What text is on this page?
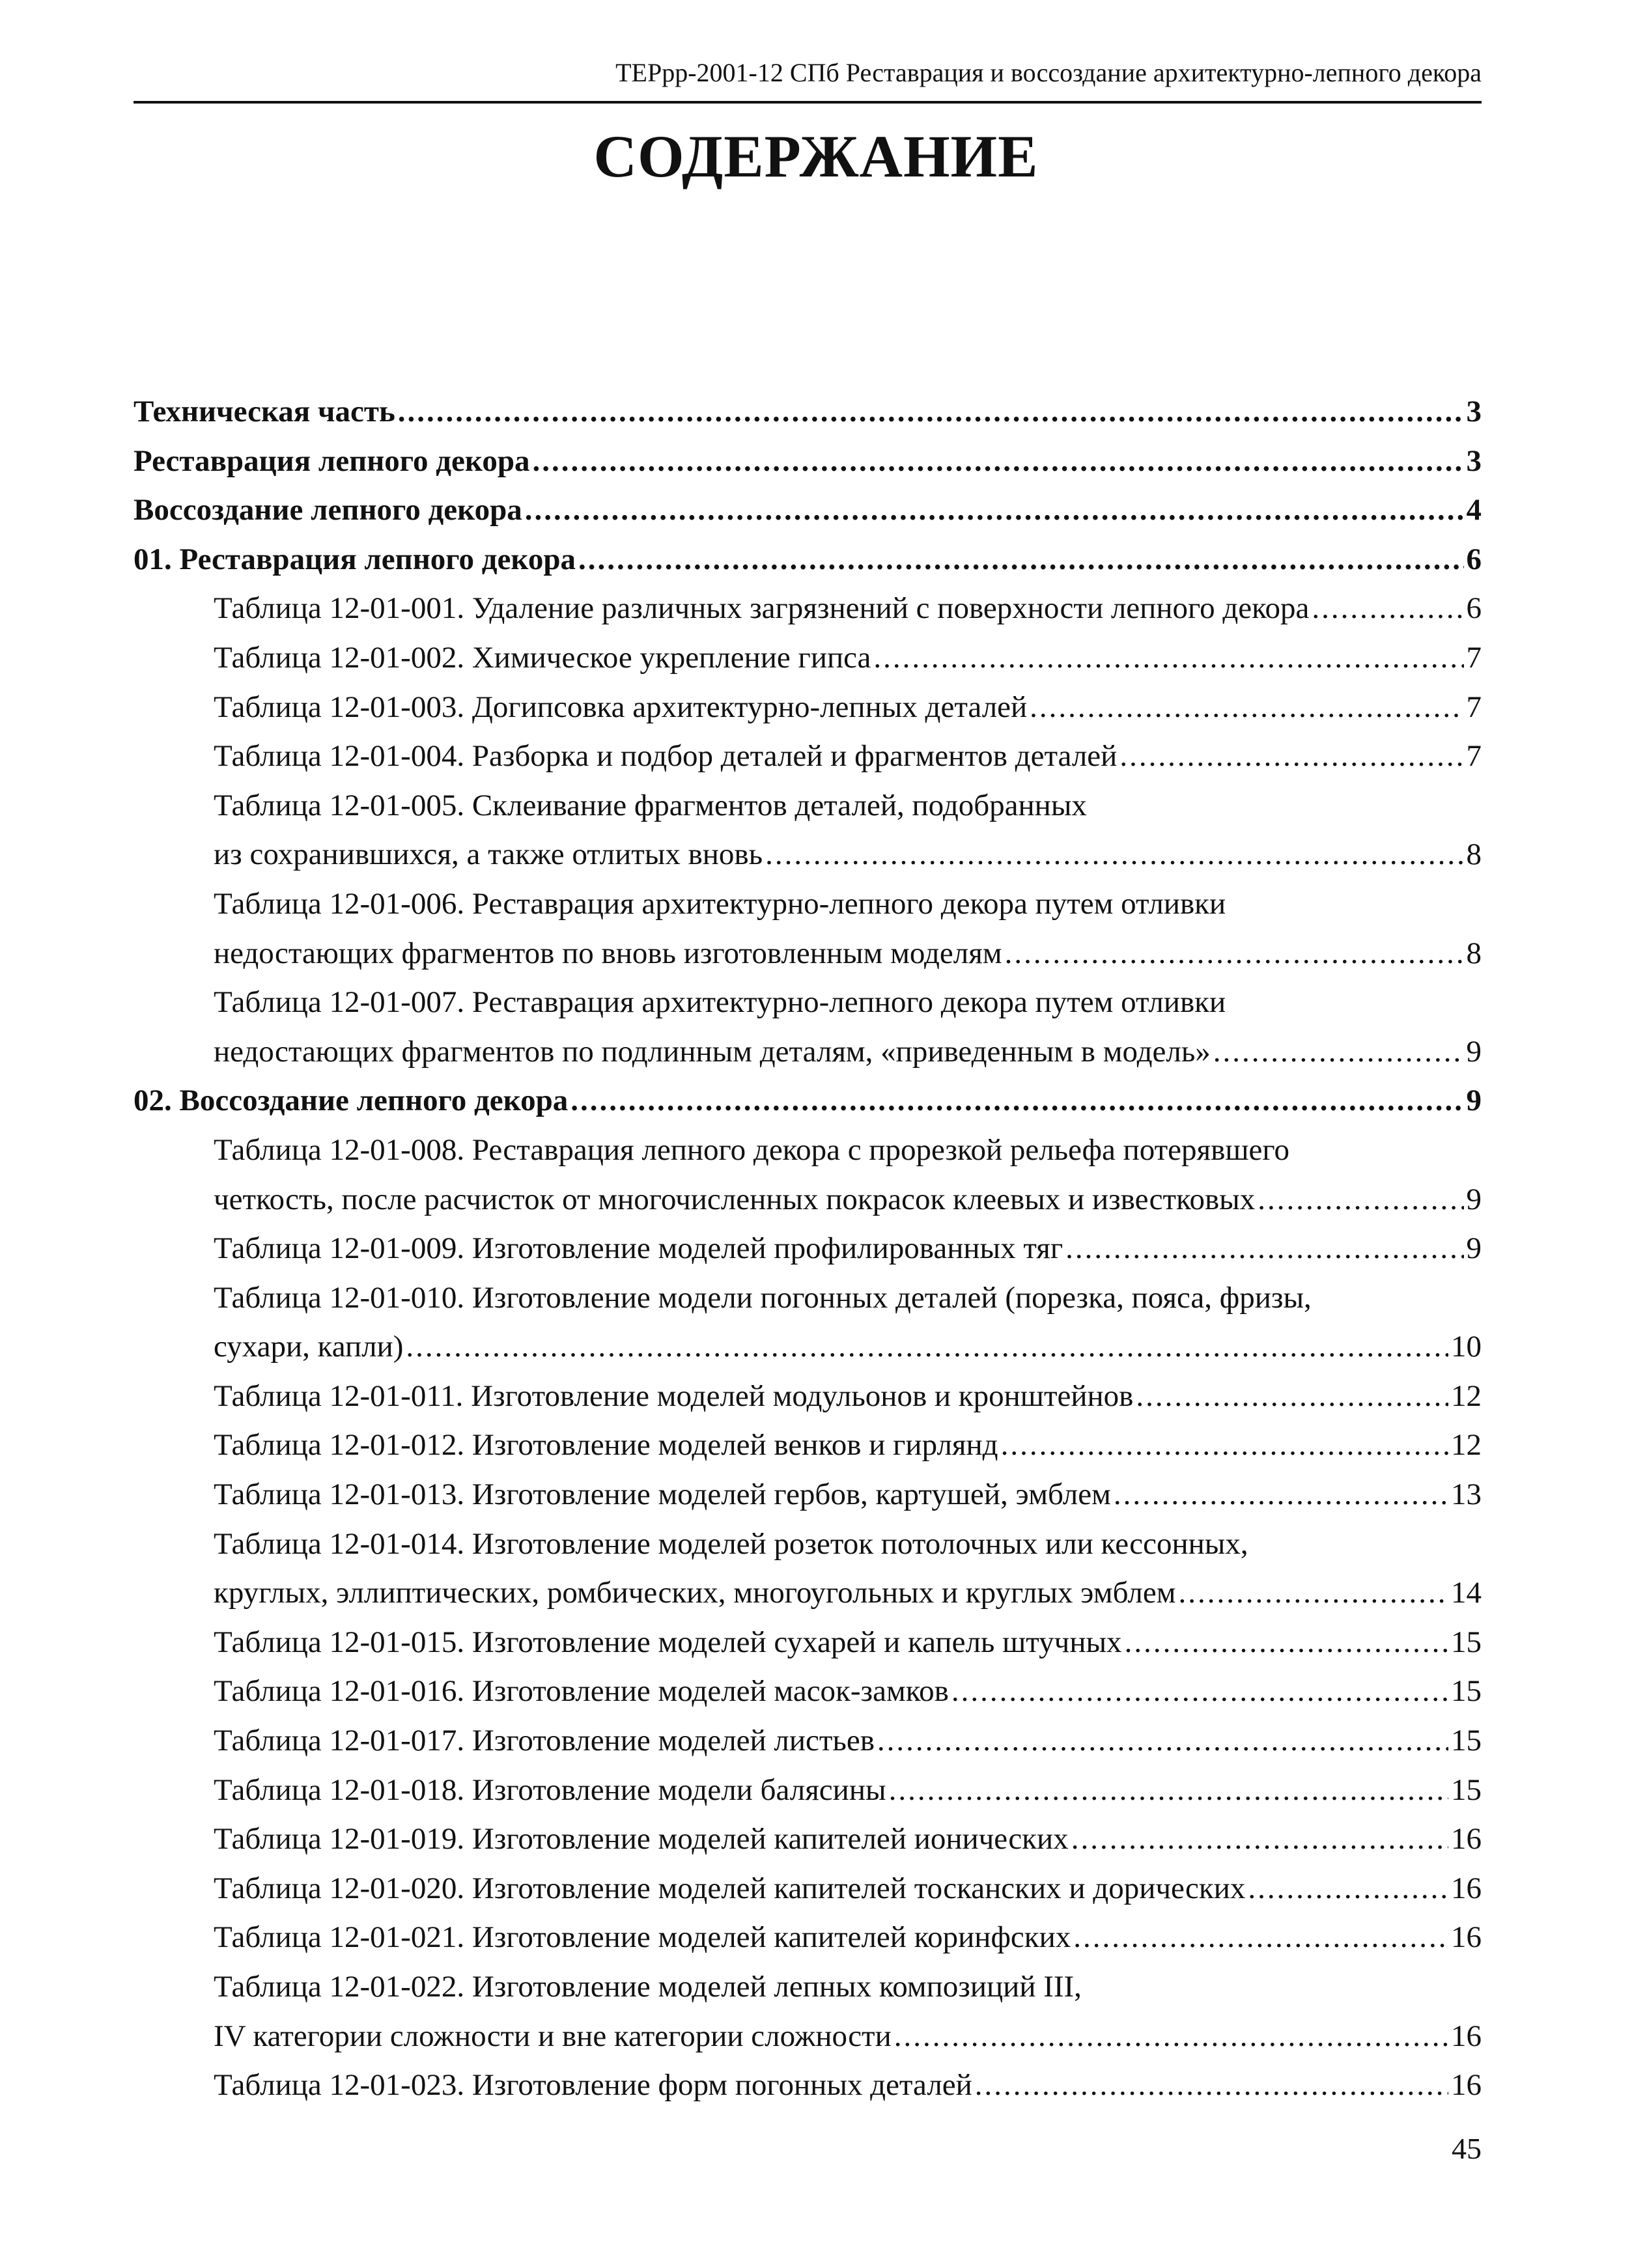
ТЕРрр-2001-12 СПб Реставрация и воссоздание архитектурно-лепного декора
СОДЕРЖАНИЕ
Техническая часть .....	3
Реставрация лепного декора .....	3
Воссоздание лепного декора .....	4
01. Реставрация лепного декора .....	6
Таблица 12-01-001. Удаление различных загрязнений с поверхности лепного декора .....	6
Таблица 12-01-002. Химическое укрепление гипса .....	7
Таблица 12-01-003. Догипсовка архитектурно-лепных деталей .....	7
Таблица 12-01-004. Разборка и подбор деталей и фрагментов деталей .....	7
Таблица 12-01-005. Склеивание фрагментов деталей, подобранных
из сохранившихся, а также отлитых вновь .....	8
Таблица 12-01-006. Реставрация архитектурно-лепного декора путем отливки
недостающих фрагментов по вновь изготовленным моделям .....	8
Таблица 12-01-007. Реставрация архитектурно-лепного декора путем отливки
недостающих фрагментов по подлинным деталям, «приведенным в модель» .....	9
02. Воссоздание лепного декора .....	9
Таблица 12-01-008. Реставрация лепного декора с прорезкой рельефа потерявшего
четкость, после расчисток от многочисленных покрасок клеевых и известковых .....	9
Таблица 12-01-009. Изготовление моделей профилированных тяг .....	9
Таблица 12-01-010. Изготовление модели погонных деталей (порезка, пояса, фризы,
сухари, капли) .....	10
Таблица 12-01-011. Изготовление моделей модульонов и кронштейнов .....	12
Таблица 12-01-012. Изготовление моделей венков и гирлянд .....	12
Таблица 12-01-013. Изготовление моделей гербов, картушей, эмблем .....	13
Таблица 12-01-014. Изготовление моделей розеток потолочных или кессонных,
круглых, эллиптических, ромбических, многоугольных и круглых эмблем .....	14
Таблица 12-01-015. Изготовление моделей сухарей и капель штучных .....	15
Таблица 12-01-016. Изготовление моделей масок-замков .....	15
Таблица 12-01-017. Изготовление моделей листьев .....	15
Таблица 12-01-018. Изготовление модели балясины .....	15
Таблица 12-01-019. Изготовление моделей капителей ионических .....	16
Таблица 12-01-020. Изготовление моделей капителей тосканских и дорических .....	16
Таблица 12-01-021. Изготовление моделей капителей коринфских .....	16
Таблица 12-01-022. Изготовление моделей лепных композиций III,
IV категории сложности и вне категории сложности .....	16
Таблица 12-01-023. Изготовление форм погонных деталей .....	16
45
